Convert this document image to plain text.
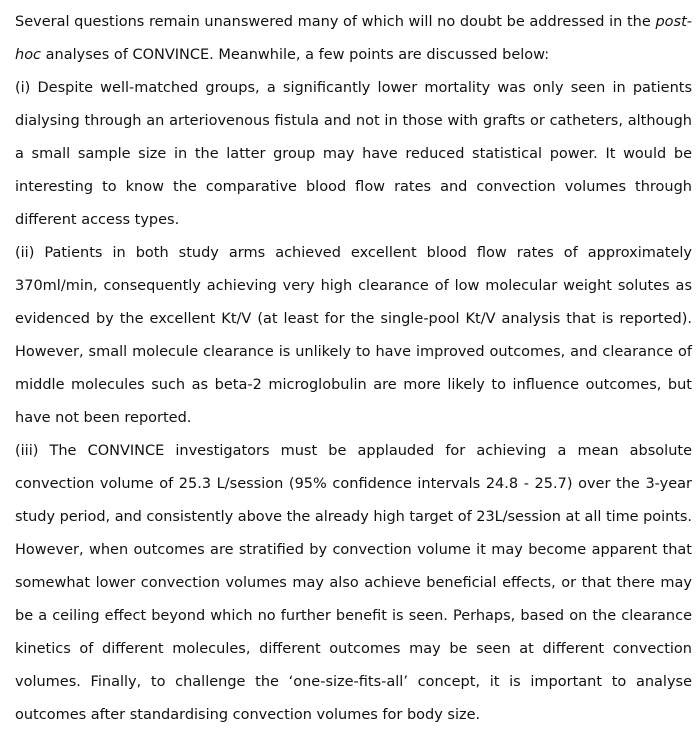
Several questions remain unanswered many of which will no doubt be addressed in the post-
hoc analyses of CONVINCE. Meanwhile, a few points are discussed below:
(i) Despite well-matched groups, a significantly lower mortality was only seen in patients
dialysing through an arteriovenous fistula and not in those with grafts or catheters, although
a small sample size in the latter group may have reduced statistical power. It would be
interesting to know the comparative blood flow rates and convection volumes through
different access types.
(ii) Patients in both study arms achieved excellent blood flow rates of approximately
370ml/min, consequently achieving very high clearance of low molecular weight solutes as
evidenced by the excellent Kt/V (at least for the single-pool Kt/V analysis that is reported).
However, small molecule clearance is unlikely to have improved outcomes, and clearance of
middle molecules such as beta-2 microglobulin are more likely to influence outcomes, but
have not been reported.
(iii) The CONVINCE investigators must be applauded for achieving a mean absolute
convection volume of 25.3 L/session (95% confidence intervals 24.8 - 25.7) over the 3-year
study period, and consistently above the already high target of 23L/session at all time points.
However, when outcomes are stratified by convection volume it may become apparent that
somewhat lower convection volumes may also achieve beneficial effects, or that there may
be a ceiling effect beyond which no further benefit is seen. Perhaps, based on the clearance
kinetics of different molecules, different outcomes may be seen at different convection
volumes. Finally, to challenge the ‘one-size-fits-all’ concept, it is important to analyse
outcomes after standardising convection volumes for body size.
